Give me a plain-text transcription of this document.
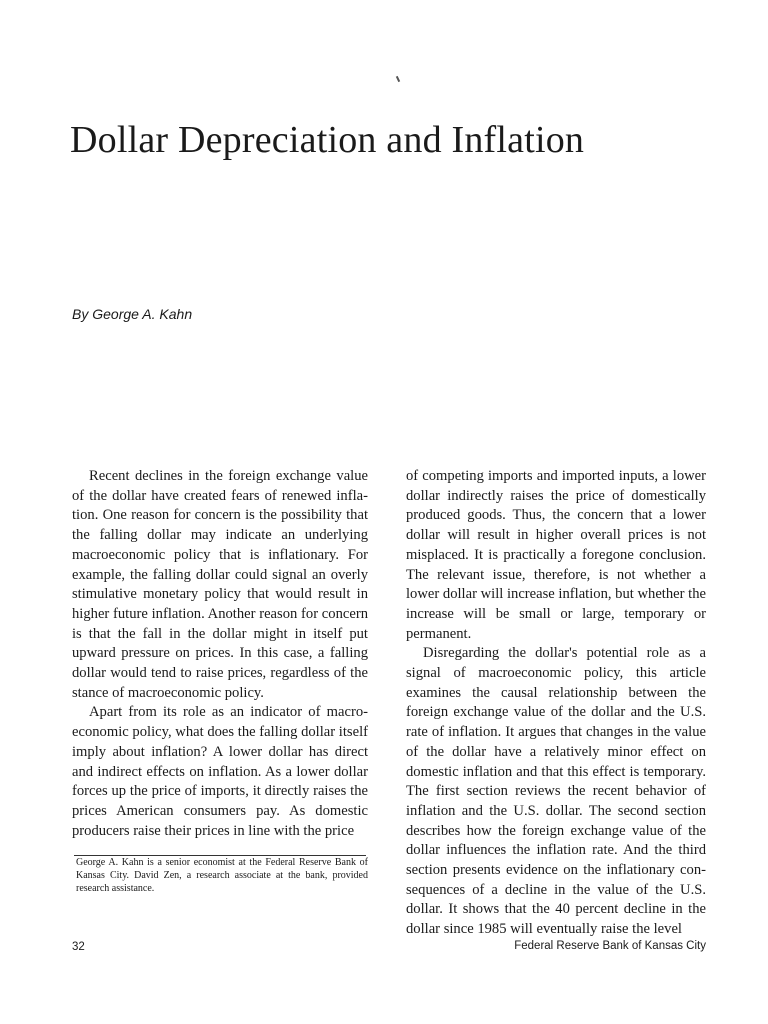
Dollar Depreciation and Inflation
By George A. Kahn

Recent declines in the foreign exchange value of the dollar have created fears of renewed inflation. One reason for concern is the possibility that the falling dollar may indicate an underlying macroeconomic policy that is inflationary. For example, the falling dollar could signal an overly stimulative monetary policy that would result in higher future inflation. Another reason for concern is that the fall in the dollar might in itself put upward pressure on prices. In this case, a falling dollar would tend to raise prices, regardless of the stance of macroeconomic policy.

Apart from its role as an indicator of macroeconomic policy, what does the falling dollar itself imply about inflation? A lower dollar has direct and indirect effects on inflation. As a lower dollar forces up the price of imports, it directly raises the prices American consumers pay. As domestic producers raise their prices in line with the price

of competing imports and imported inputs, a lower dollar indirectly raises the price of domestically produced goods. Thus, the concern that a lower dollar will result in higher overall prices is not misplaced. It is practically a foregone conclusion. The relevant issue, therefore, is not whether a lower dollar will increase inflation, but whether the increase will be small or large, temporary or permanent.

Disregarding the dollar's potential role as a signal of macroeconomic policy, this article examines the causal relationship between the foreign exchange value of the dollar and the U.S. rate of inflation. It argues that changes in the value of the dollar have a relatively minor effect on domestic inflation and that this effect is temporary. The first section reviews the recent behavior of inflation and the U.S. dollar. The second section describes how the foreign exchange value of the dollar influences the inflation rate. And the third section presents evidence on the inflationary consequences of a decline in the value of the U.S. dollar. It shows that the 40 percent decline in the dollar since 1985 will eventually raise the level

George A. Kahn is a senior economist at the Federal Reserve Bank of Kansas City. David Zen, a research associate at the bank, provided research assistance.
32	Federal Reserve Bank of Kansas City
